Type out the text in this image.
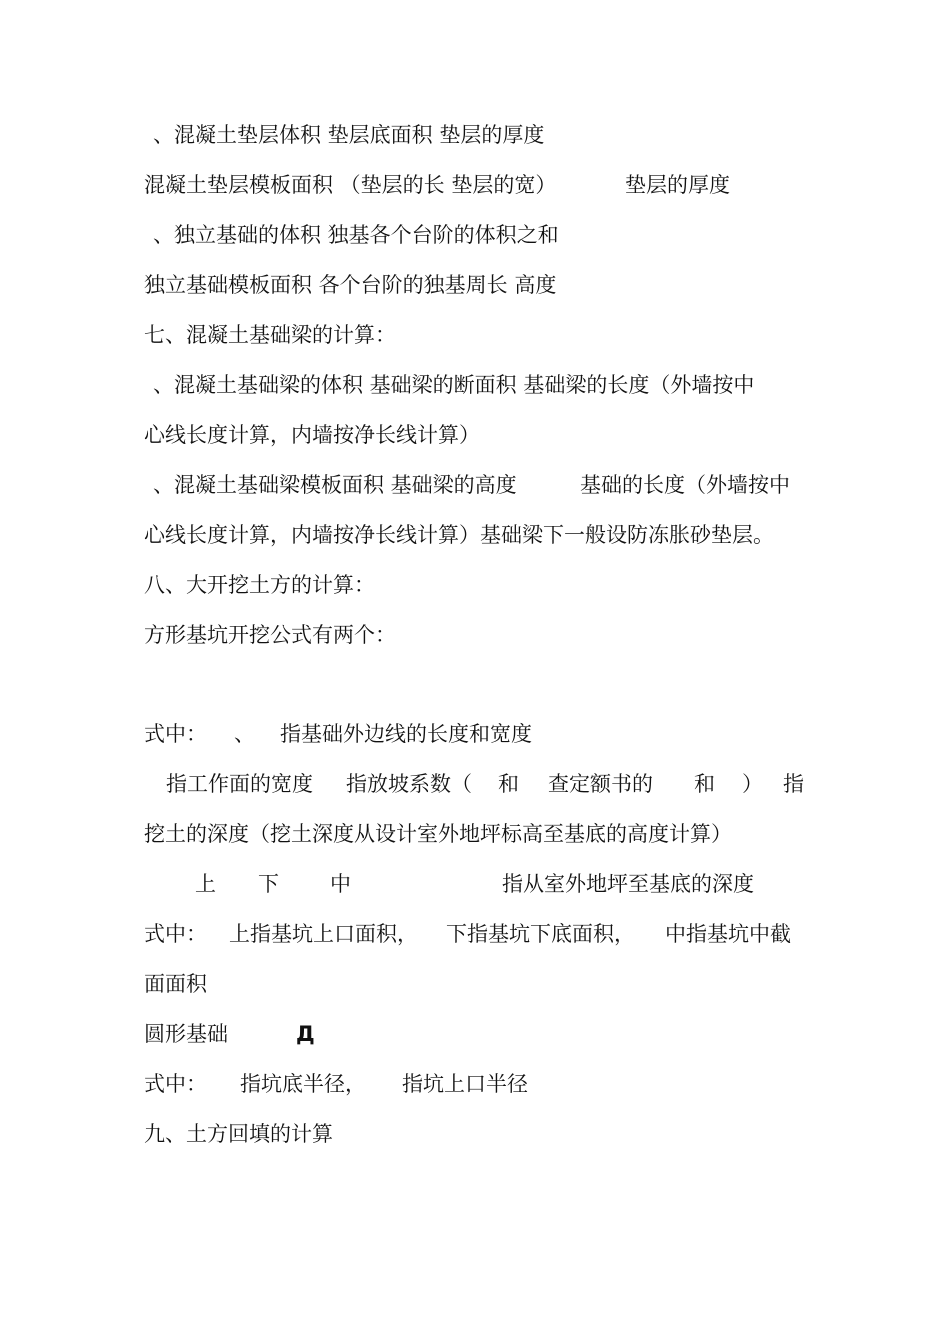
、混凝土垫层体积 垫层底面积 垫层的厚度

混凝土垫层模板面积 （垫层的长 垫层的宽）

	垫层的厚度

、独立基础的体积 独基各个台阶的体积之和

独立基础模板面积 各个台阶的独基周长 高度

七、混凝土基础梁的计算：

、混凝土基础梁的体积 基础梁的断面积 基础梁的长度（外墙按中

心线长度计算，内墙按净长线计算）

、混凝土基础梁模板面积 基础梁的高度

	基础的长度（外墙按中

心线长度计算，内墙按净长线计算）基础梁下一般设防冻胀砂垫层。

八、大开挖土方的计算：

方形基坑开挖公式有两个：

式中：

、

指基础外边线的长度和宽度

指工作面的宽度

指放坡系数（

和

查定额书的

和

）

指

挖土的深度（挖土深度从设计室外地坪标高至基底的高度计算）

上

下

中

	指从室外地坪至基底的深度

式中：

上指基坑上口面积，

下指基坑下底面积，

中指基坑中截

面面积

圆形基础

	Д

式中：

指坑底半径，

指坑上口半径

九、土方回填的计算
